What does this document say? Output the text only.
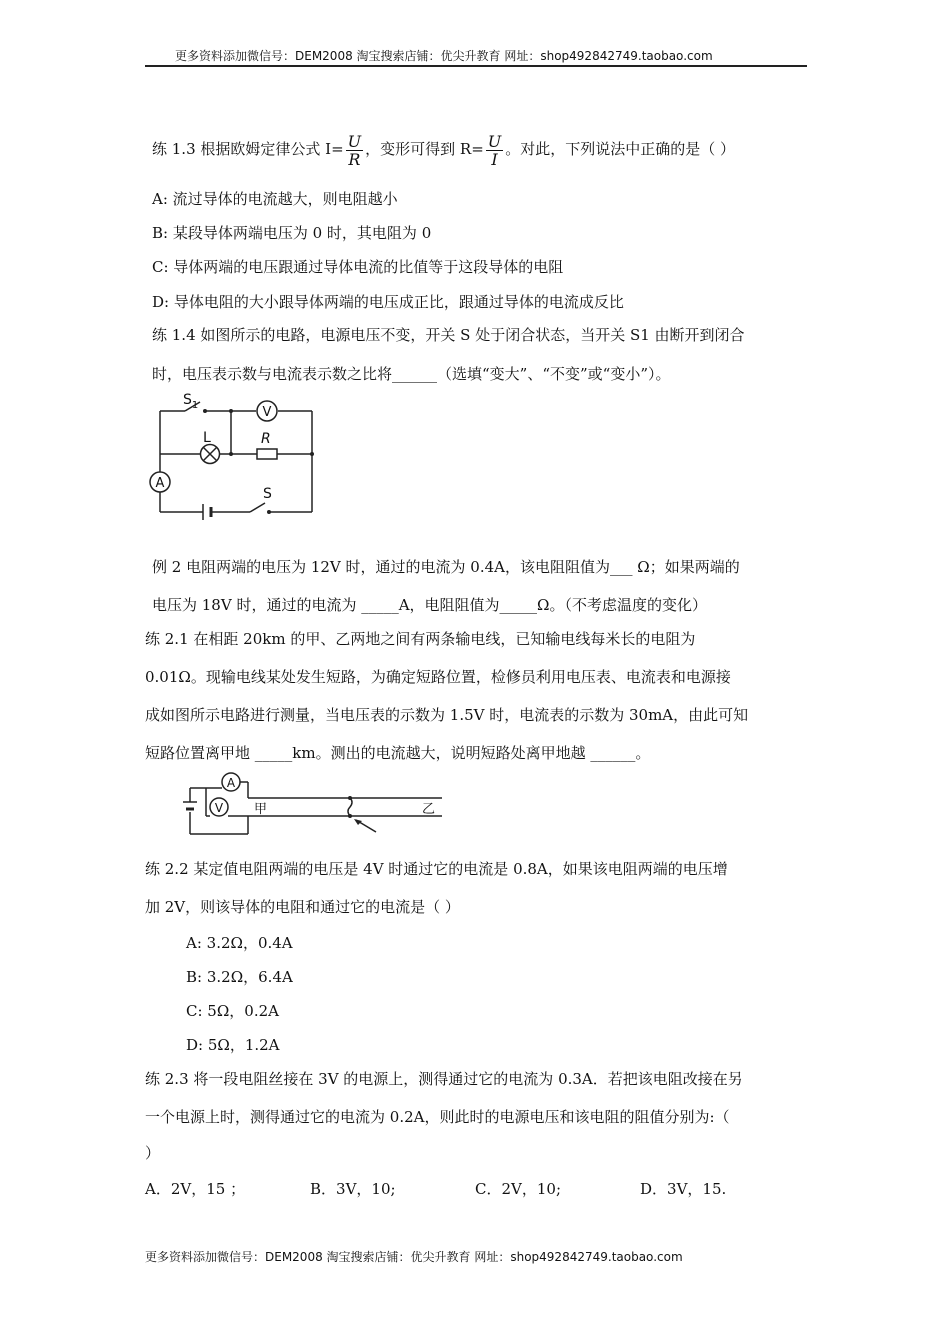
更多资料添加微信号：DEM2008 淘宝搜索店铺：优尖升教育 网址：shop492842749.taobao.com
练 1.3 根据欧姆定律公式 $I= \frac{U}{R}$ ，变形可得到 $R= \frac{U}{I}$ 。对此，下列说法中正确的是（ ）
A: 流过导体的电流越大，则电阻越小
B: 某段导体两端电压为 0 时，其电阻为 0
C: 导体两端的电压跟通过导体电流的比值等于这段导体的电阻
D: 导体电阻的大小跟导体两端的电压成正比，跟通过导体的电流成反比
练 1.4 如图所示的电路，电源电压不变，开关 S 处于闭合状态，当开关 S1 由断开到闭合
时，电压表示数与电流表示数之比将______（选填“变大”、“不变”或“变小”）。
V
L	R
A
$S_1$
S
例 2 电阻两端的电压为 12V 时，通过的电流为 0.4A，该电阻阻值为___ Ω；如果两端的
电压为 18V 时，通过的电流为 _____A，电阻阻值为_____Ω。（不考虑温度的变化）
练 2.1 在相距 20km 的甲、乙两地之间有两条输电线，已知输电线每米长的电阻为
0.01Ω。现输电线某处发生短路，为确定短路位置，检修员利用电压表、电流表和电源接
成如图所示电路进行测量，当电压表的示数为 1.5V 时，电流表的示数为 30mA，由此可知
短路位置离甲地 _____km。测出的电流越大，说明短路处离甲地越 ______。
A
V 甲	乙
练 2.2 某定值电阻两端的电压是 4V 时通过它的电流是 0.8A，如果该电阻两端的电压增
加 2V，则该导体的电阻和通过它的电流是（ ）
A: 3.2Ω，0.4A
B: 3.2Ω，6.4A
C: 5Ω，0.2A
D: 5Ω，1.2A
练 2.3 将一段电阻丝接在 3V 的电源上，测得通过它的电流为 0.3A．若把该电阻改接在另
一个电源上时，测得通过它的电流为 0.2A，则此时的电源电压和该电阻的阻值分别为:（
）
A．2V，15 ；	B．3V，10;	C．2V，10;	D．3V，15.
更多资料添加微信号：DEM2008 淘宝搜索店铺：优尖升教育 网址：shop492842749.taobao.com
